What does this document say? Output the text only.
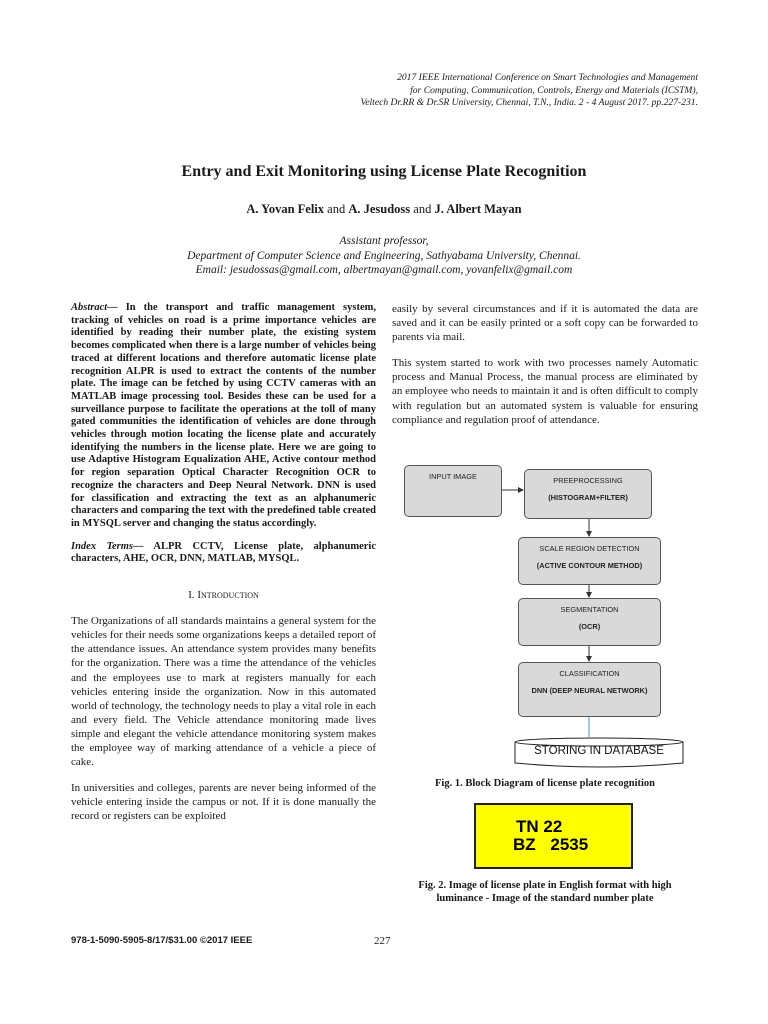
2017 IEEE International Conference on Smart Technologies and Management
for Computing, Communication, Controls, Energy and Materials (ICSTM),
Veltech Dr.RR & Dr.SR University, Chennai, T.N., India. 2 - 4 August 2017. pp.227-231.
Entry and Exit Monitoring using License Plate Recognition
A. Yovan Felix and A. Jesudoss and J. Albert Mayan
Assistant professor,
Department of Computer Science and Engineering, Sathyabama University, Chennai.
Email: jesudossas@gmail.com, albertmayan@gmail.com, yovanfelix@gmail.com

Abstract— In the transport and traffic management system, tracking of vehicles on road is a prime importance vehicles are identified by reading their number plate, the existing system becomes complicated when there is a large number of vehicles being traced at different locations and therefore automatic license plate recognition ALPR is used to extract the contents of the number plate. The image can be fetched by using CCTV cameras with an MATLAB image processing tool. Besides these can be used for a surveillance purpose to facilitate the operations at the toll of many gated communities the identification of vehicles are done through vehicles through motion locating the license plate and accurately identifying the numbers in the license plate. Here we are going to use Adaptive Histogram Equalization AHE, Active contour method for region separation Optical Character Recognition OCR to recognize the characters and Deep Neural Network. DNN is used for classification and extracting the text as an alphanumeric characters and comparing the text with the predefined table created in MYSQL server and changing the status accordingly.

Index Terms— ALPR CCTV, License plate, alphanumeric characters, AHE, OCR, DNN, MATLAB, MYSQL.

I. Introduction

The Organizations of all standards maintains a general system for the vehicles for their needs some organizations keeps a detailed report of the attendance issues. An attendance system provides many benefits for the organization. There was a time the attendance of the vehicles and the employees use to mark at registers manually for each vehicles entering inside the organization. Now in this automated world of technology, the technology needs to play a vital role in each and every field. The Vehicle attendance monitoring made lives simple and elegant the vehicle attendance monitoring system makes the employee way of marking attendance of a vehicle a piece of cake.

In universities and colleges, parents are never being informed of the vehicle entering inside the campus or not. If it is done manually the record or registers can be exploited

easily by several circumstances and if it is automated the data are saved and it can be easily printed or a soft copy can be forwarded to parents via mail.

This system started to work with two processes namely Automatic process and Manual Process, the manual process are eliminated by an employee who needs to maintain it and is often difficult to comply with regulation but an automated system is valuable for ensuring compliance and regulation proof of attendance.

INPUT IMAGE	PREEPROCESSING
(HISTOGRAM+FILTER)
SCALE REGION DETECTION
(ACTIVE CONTOUR METHOD)
SEGMENTATION
(OCR)
CLASSIFICATION
DNN (DEEP NEURAL NETWORK)
STORING IN DATABASE
Fig. 1. Block Diagram of license plate recognition
TN 22
BZ 2535
Fig. 2. Image of license plate in English format with high
luminance - Image of the standard number plate
978-1-5090-5905-8/17/$31.00 ©2017 IEEE	227
